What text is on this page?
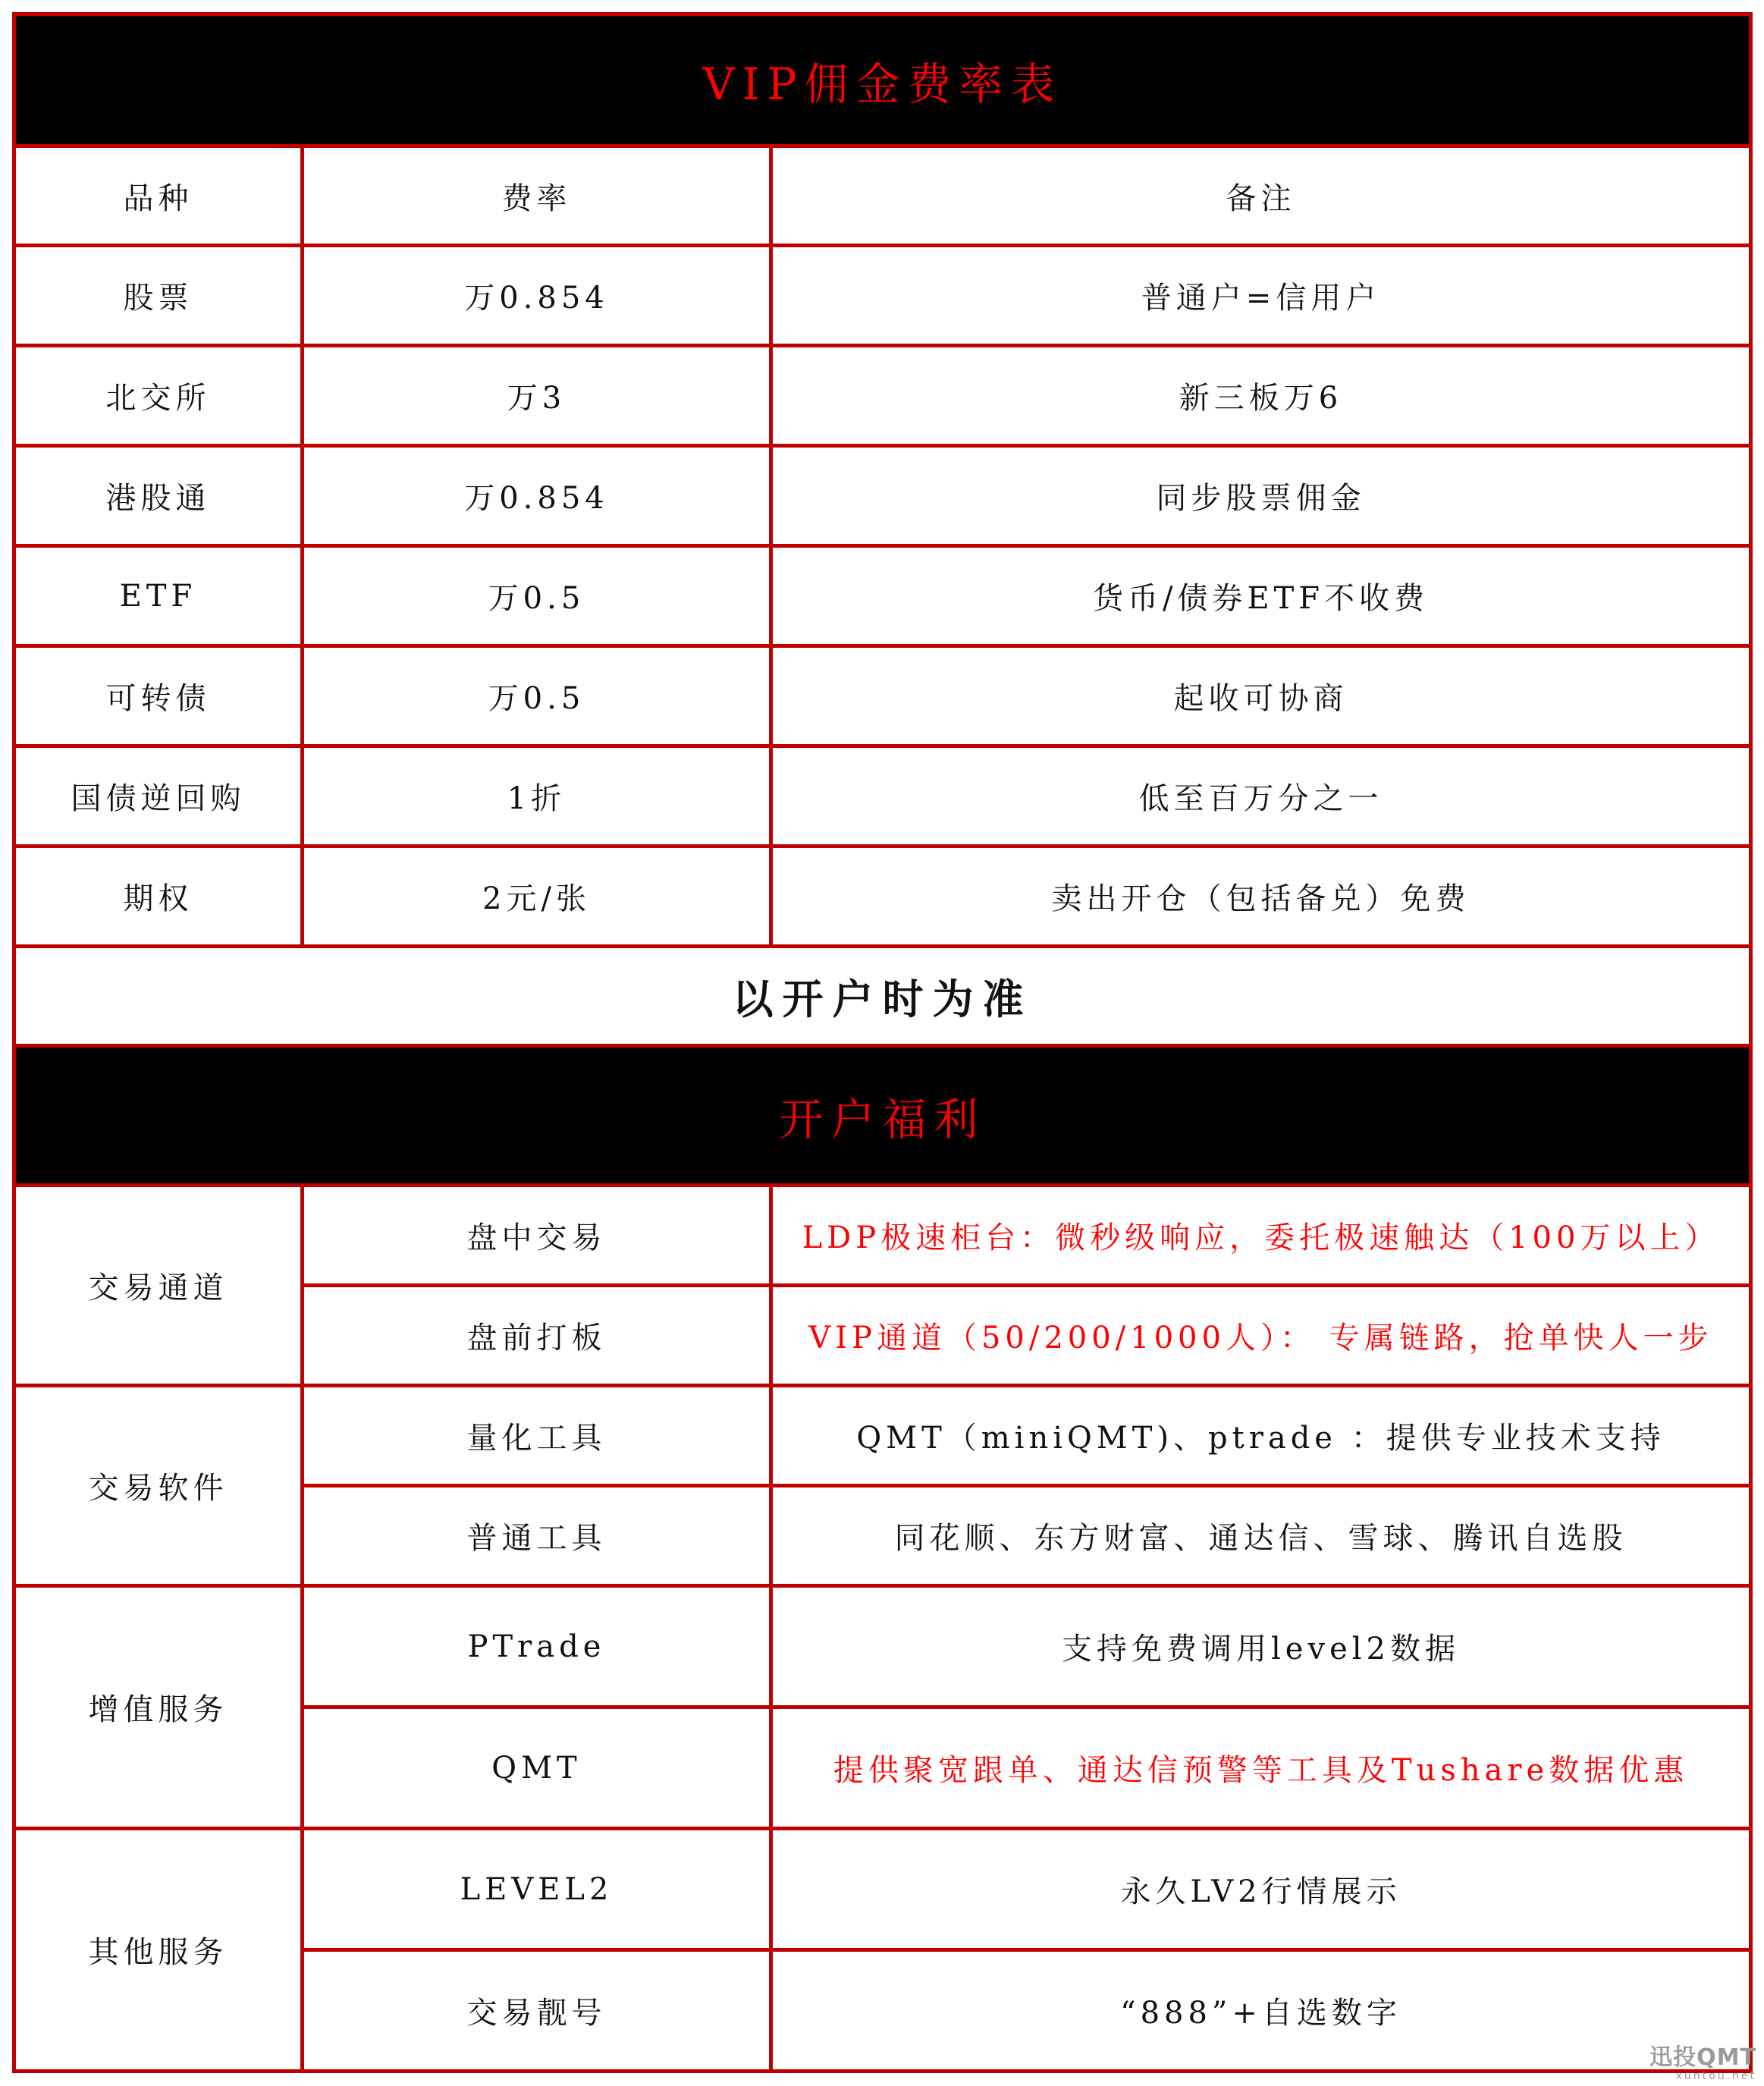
VIP佣金费率表		
品种	费率	备注
股票	万0.854	普通户=信用户
北交所	万3	新三板万6
港股通	万0.854	同步股票佣金
ETF	万0.5	货币/债券ETF不收费
可转债	万0.5	起收可协商
国债逆回购	1折	低至百万分之一
期权	2元/张	卖出开仓（包括备兑）免费
以开户时为准		
开户福利		
交易通道	盘中交易	LDP极速柜台：微秒级响应，委托极速触达（100万以上）
	盘前打板	VIP通道（50/200/1000人）： 专属链路，抢单快人一步
交易软件	量化工具	QMT（miniQMT)、ptrade ：提供专业技术支持
	普通工具	同花顺、东方财富、通达信、雪球、腾讯自选股
增值服务	PTrade	支持免费调用level2数据
	QMT	提供聚宽跟单、通达信预警等工具及Tushare数据优惠
其他服务	LEVEL2	永久LV2行情展示
	交易靓号	“888”+自选数字
迅投QMT
xuntou.net
